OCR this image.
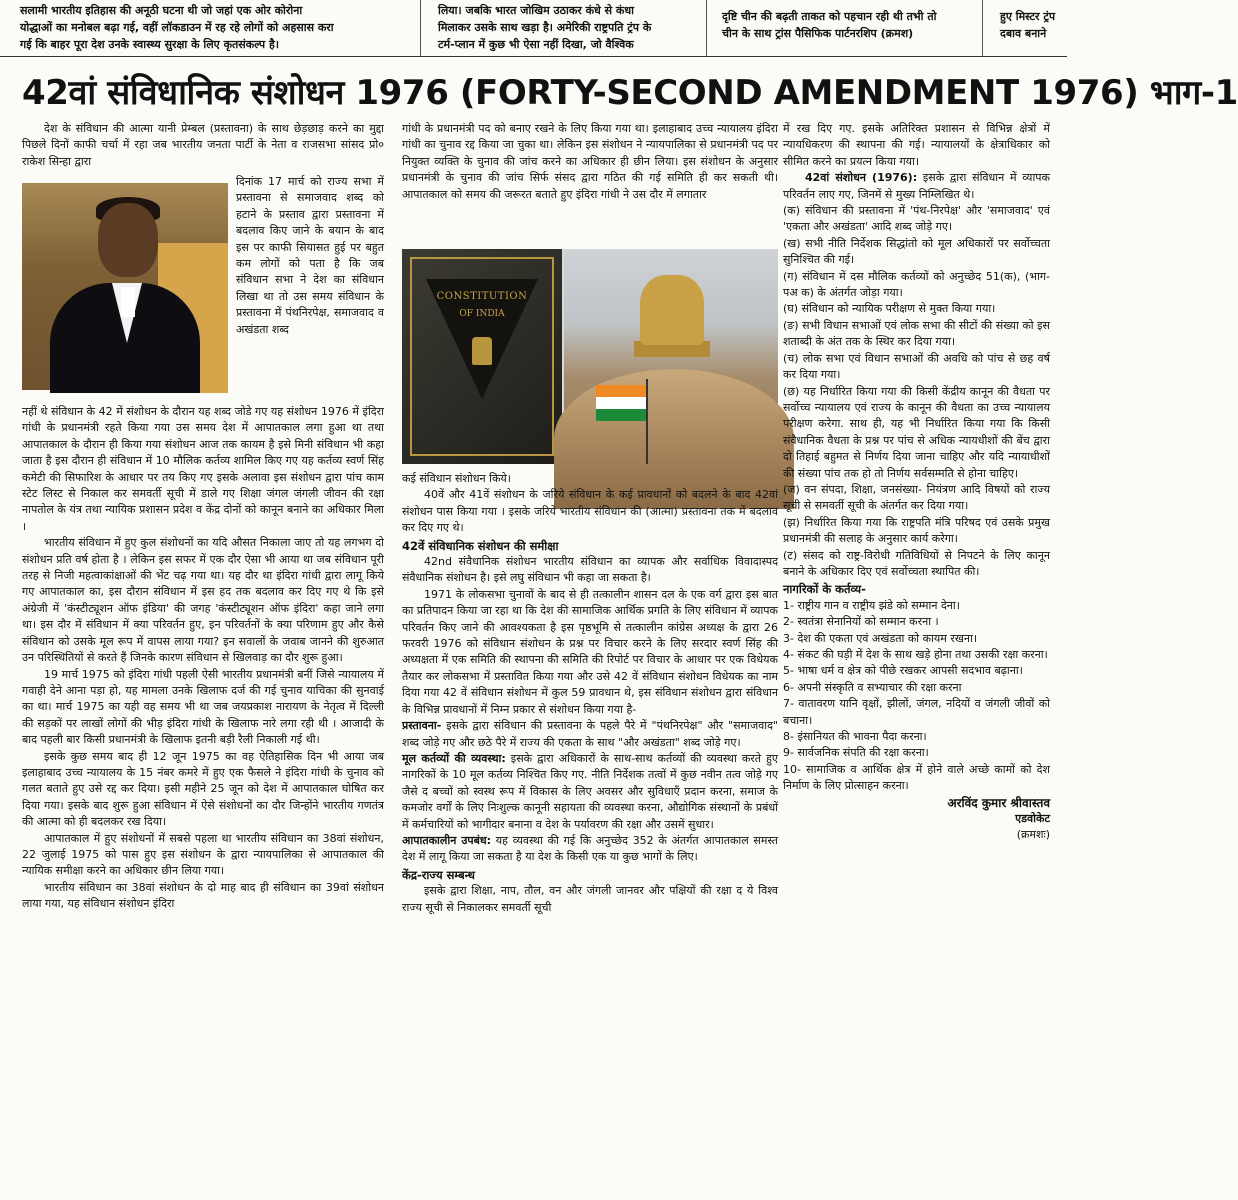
सलामी भारतीय इतिहास की अनूठी घटना थी जो जहां एक ओर कोरोना
योद्धाओं का मनोबल बढ़ा गई, वहीं लॉकडाउन में रह रहे लोगों को अहसास करा
गई कि बाहर पूरा देश उनके स्वास्थ्य सुरक्षा के लिए कृतसंकल्प है।
लिया। जबकि भारत जोखिम उठाकर कंधे से कंधा
मिलाकर उसके साथ खड़ा है। अमेरिकी राष्ट्रपति ट्रंप के
टर्म-प्लान में कुछ भी ऐसा नहीं दिखा, जो वैश्विक
दृष्टि चीन की बढ़ती ताकत को पहचान रही थी तभी तो
चीन के साथ ट्रांस पैसिफिक पार्टनरशिप (क्रमश)
हुए मिस्टर ट्रंप
दबाव बनाने
42वां संविधानिक संशोधन 1976 (FORTY-SECOND AMENDMENT 1976) भाग-1

देश के संविधान की आत्मा यानी प्रेम्बल (प्रस्तावना) के साथ छेड़छाड़ करने का मुद्दा पिछले दिनों काफी चर्चा में रहा जब भारतीय जनता पार्टी के नेता व राजसभा सांसद प्रो० राकेश सिन्हा द्वारा

दिनांक 17 मार्च को राज्य सभा में प्रस्तावना से समाजवाद शब्द को हटाने के प्रस्ताव द्वारा प्रस्तावना में बदलाव किए जाने के बयान के बाद इस पर काफी सियासत हुई पर बहुत कम लोगों को पता है कि जब संविधान सभा ने देश का संविधान लिखा था तो उस समय संविधान के प्रस्तावना में पंथनिरपेक्ष, समाजवाद व अखंडता शब्द

नहीं थे संविधान के 42 में संशोधन के दौरान यह शब्द जोडे गए यह संशोधन 1976 में इंदिरा गांधी के प्रधानमंत्री रहते किया गया उस समय देश में आपातकाल लगा हुआ था तथा आपातकाल के दौरान ही किया गया संशोधन आज तक कायम है इसे मिनी संविधान भी कहा जाता है इस दौरान ही संविधान में 10 मौलिक कर्तव्य शामिल किए गए यह कर्तव्य स्वर्ण सिंह कमेटी की सिफारिश के आधार पर तय किए गए इसके अलावा इस संशोधन द्वारा पांच काम स्टेट लिस्ट से निकाल कर समवर्ती सूची में डाले गए शिक्षा जंगल जंगली जीवन की रक्षा नापतोल के यंत्र तथा न्यायिक प्रशासन प्रदेश व केंद्र दोनों को कानून बनाने का अधिकार मिला ।

भारतीय संविधान में हुए कुल संशोधनों का यदि औसत निकाला जाए तो यह लगभग दो संशोधन प्रति वर्ष होता है । लेकिन इस सफर में एक दौर ऐसा भी आया था जब संविधान पूरी तरह से निजी महत्वाकांक्षाओं की भेंट चढ़ गया था। यह दौर था इंदिरा गांधी द्वारा लागू किये गए आपातकाल का, इस दौरान संविधान में इस हद तक बदलाव कर दिए गए थे कि इसे अंग्रेजी में 'कंस्टीट्यूशन ऑफ इंडिया' की जगह 'कंस्टीट्यूशन ऑफ इंदिरा' कहा जाने लगा था। इस दौर में संविधान में क्या परिवर्तन हुए, इन परिवर्तनों के क्या परिणाम हुए और कैसे संविधान को उसके मूल रूप में वापस लाया गया? इन सवालों के जवाब जानने की शुरुआत उन परिस्थितियों से करते हैं जिनके कारण संविधान से खिलवाड़ का दौर शुरू हुआ।

19 मार्च 1975 को इंदिरा गांधी पहली ऐसी भारतीय प्रधानमंत्री बनीं जिसे न्यायालय में गवाही देने आना पड़ा हो, यह मामला उनके खिलाफ दर्ज की गई चुनाव याचिका की सुनवाई का था। मार्च 1975 का यही वह समय भी था जब जयप्रकाश नारायण के नेतृत्व में दिल्ली की सड़कों पर लाखों लोगों की भीड़ इंदिरा गांधी के खिलाफ नारे लगा रही थी । आजादी के बाद पहली बार किसी प्रधानमंत्री के खिलाफ इतनी बड़ी रैली निकाली गई थी।

इसके कुछ समय बाद ही 12 जून 1975 का वह ऐतिहासिक दिन भी आया जब इलाहाबाद उच्च न्यायालय के 15 नंबर कमरे में हुए एक फैसले ने इंदिरा गांधी के चुनाव को गलत बताते हुए उसे रद्द कर दिया। इसी महीने 25 जून को देश में आपातकाल घोषित कर दिया गया। इसके बाद शुरू हुआ संविधान में ऐसे संशोधनों का दौर जिन्होंने भारतीय गणतंत्र की आत्मा को ही बदलकर रख दिया।

आपातकाल में हुए संशोधनों में सबसे पहला था भारतीय संविधान का 38वां संशोधन, 22 जुलाई 1975 को पास हुए इस संशोधन के द्वारा न्यायपालिका से आपातकाल की न्यायिक समीक्षा करने का अधिकार छीन लिया गया।

भारतीय संविधान का 38वां संशोधन के दो माह बाद ही संविधान का 39वां संशोधन लाया गया, यह संविधान संशोधन इंदिरा

गांधी के प्रधानमंत्री पद को बनाए रखने के लिए किया गया था। इलाहाबाद उच्च न्यायालय इंदिरा गांधी का चुनाव रद्द किया जा चुका था। लेकिन इस संशोधन ने न्यायपालिका से प्रधानमंत्री पद पर नियुक्त व्यक्ति के चुनाव की जांच करने का अधिकार ही छीन लिया। इस संशोधन के अनुसार प्रधानमंत्री के चुनाव की जांच सिर्फ संसद द्वारा गठित की गई समिति ही कर सकती थी। आपातकाल को समय की जरूरत बताते हुए इंदिरा गांधी ने उस दौर में लगातार

CONSTITUTION
OF INDIA

कई संविधान संशोधन किये।

40वें और 41वें संशोधन के जरिये संविधान के कई प्रावधानों को बदलने के बाद 42वां संशोधन पास किया गया । इसके जरिये भारतीय संविधान की (आत्मा) प्रस्तावना तक में बदलाव कर दिए गए थे।

42वें संविधानिक संशोधन की समीक्षा

42nd संवैधानिक संशोधन भारतीय संविधान का व्यापक और सर्वाधिक विवादास्पद संवैधानिक संशोधन है। इसे लघु संविधान भी कहा जा सकता है।

1971 के लोकसभा चुनावों के बाद से ही तत्कालीन शासन दल के एक वर्ग द्वारा इस बात का प्रतिपादन किया जा रहा था कि देश की सामाजिक आर्थिक प्रगति के लिए संविधान में व्यापक परिवर्तन किए जाने की आवश्यकता है इस पृष्ठभूमि से तत्कालीन कांग्रेस अध्यक्ष के द्वारा 26 फरवरी 1976 को संविधान संशोधन के प्रश्न पर विचार करने के लिए सरदार स्वर्ण सिंह की अध्यक्षता में एक समिति की स्थापना की समिति की रिपोर्ट पर विचार के आधार पर एक विधेयक तैयार कर लोकसभा में प्रस्तावित किया गया और उसे 42 वें संविधान संशोधन विधेयक का नाम दिया गया 42 वें संविधान संशोधन में कुल 59 प्रावधान थे, इस संविधान संशोधन द्वारा संविधान के विभिन्न प्रावधानों में निम्न प्रकार से संशोधन किया गया है-

प्रस्तावना- इसके द्वारा संविधान की प्रस्तावना के पहले पैरे में "पंथनिरपेक्ष" और "समाजवाद" शब्द जोड़े गए और छठे पैरे में राज्य की एकता के साथ "और अखंडता" शब्द जोड़े गए।

मूल कर्तव्यों की व्यवस्था: इसके द्वारा अधिकारों के साथ-साथ कर्तव्यों की व्यवस्था करते हुए नागरिकों के 10 मूल कर्तव्य निश्चित किए गए. नीति निर्देशक तत्वों में कुछ नवीन तत्व जोड़े गए जैसे द बच्चों को स्वस्थ रूप में विकास के लिए अवसर और सुविधाएँ प्रदान करना, समाज के कमजोर वर्गों के लिए निःशुल्क कानूनी सहायता की व्यवस्था करना, औद्योगिक संस्थानों के प्रबंधों में कर्मचारियों को भागीदार बनाना व देश के पर्यावरण की रक्षा और उसमें सुधार।

आपातकालीन उपबंध: यह व्यवस्था की गई कि अनुच्छेद 352 के अंतर्गत आपातकाल समस्त देश में लागू किया जा सकता है या देश के किसी एक या कुछ भागों के लिए।

केंद्र-राज्य सम्बन्ध

इसके द्वारा शिक्षा, नाप, तौल, वन और जंगली जानवर और पक्षियों की रक्षा द ये विश्व राज्य सूची से निकालकर समवर्ती सूची

में रख दिए गए. इसके अतिरिक्त प्रशासन से विभिन्न क्षेत्रों में न्यायधिकरण की स्थापना की गई। न्यायालयों के क्षेत्राधिकार को सीमित करने का प्रयत्न किया गया।

42वां संशोधन (1976): इसके द्वारा संविधान में व्यापक परिवर्तन लाए गए, जिनमें से मुख्य निम्लिखित थे।

(क) संविधान की प्रस्तावना में 'पंथ-निरपेक्ष' और 'समाजवाद' एवं 'एकता और अखंडता' आदि शब्द जोड़े गए।

(ख) सभी नीति निर्देशक सिद्धांतो को मूल अधिकारों पर सर्वोच्चता सुनिश्चित की गई।

(ग) संविधान में दस मौलिक कर्तव्यों को अनुच्छेद 51(क), (भाग-पअ क) के अंतर्गत जोड़ा गया।

(घ) संविधान को न्यायिक परीक्षण से मुक्त किया गया।

(ङ) सभी विधान सभाओं एवं लोक सभा की सीटों की संख्या को इस शताब्दी के अंत तक के स्थिर कर दिया गया।

(च) लोक सभा एवं विधान सभाओं की अवधि को पांच से छह वर्ष कर दिया गया।

(छ) यह निर्धारित किया गया की किसी केंद्रीय कानून की वैधता पर सर्वोच्च न्यायालय एवं राज्य के कानून की वैधता का उच्च न्यायालय परीक्षण करेगा. साथ ही, यह भी निर्धारित किया गया कि किसी संवैधानिक वैधता के प्रश्न पर पांच से अधिक न्यायधीशों की बेंच द्वारा दो तिहाई बहुमत से निर्णय दिया जाना चाहिए और यदि न्यायाधीशों की संख्या पांच तक हो तो निर्णय सर्वसम्मति से होना चाहिए।

(ज) वन संपदा, शिक्षा, जनसंख्या- नियंत्रण आदि विषयों को राज्य सूची से समवर्ती सूची के अंतर्गत कर दिया गया।

(झ) निर्धारित किया गया कि राष्ट्रपति मंत्रि परिषद एवं उसके प्रमुख प्रधानमंत्री की सलाह के अनुसार कार्य करेगा।

(ट) संसद को राष्ट्र-विरोधी गतिविधियों से निपटने के लिए कानून बनाने के अधिकार दिए एवं सर्वोच्चता स्थापित की।

नागरिकों के कर्तव्य-

1- राष्ट्रीय गान व राष्ट्रीय झंडे को सम्मान देना।

2- स्वतंत्रा सेनानियों को सम्मान करना ।

3- देश की एकता एवं अखंडता को कायम रखना।

4- संकट की घड़ी में देश के साथ खड़े होना तथा उसकी रक्षा करना।

5- भाषा धर्म व क्षेत्र को पीछे रखकर आपसी सदभाव बढ़ाना।

6- अपनी संस्कृति व सभ्याचार की रक्षा करना

7- वातावरण यानि वृक्षों, झीलों, जंगल, नदियों व जंगली जीवों को बचाना।

8- इंसानियत की भावना पैदा करना।

9- सार्वजनिक संपति की रक्षा करना।

10- सामाजिक व आर्थिक क्षेत्र में होने वाले अच्छे कामों को देश निर्माण के लिए प्रोत्साहन करना।

अरविंद कुमार श्रीवास्तव

एडवोकेट

(क्रमशः)
